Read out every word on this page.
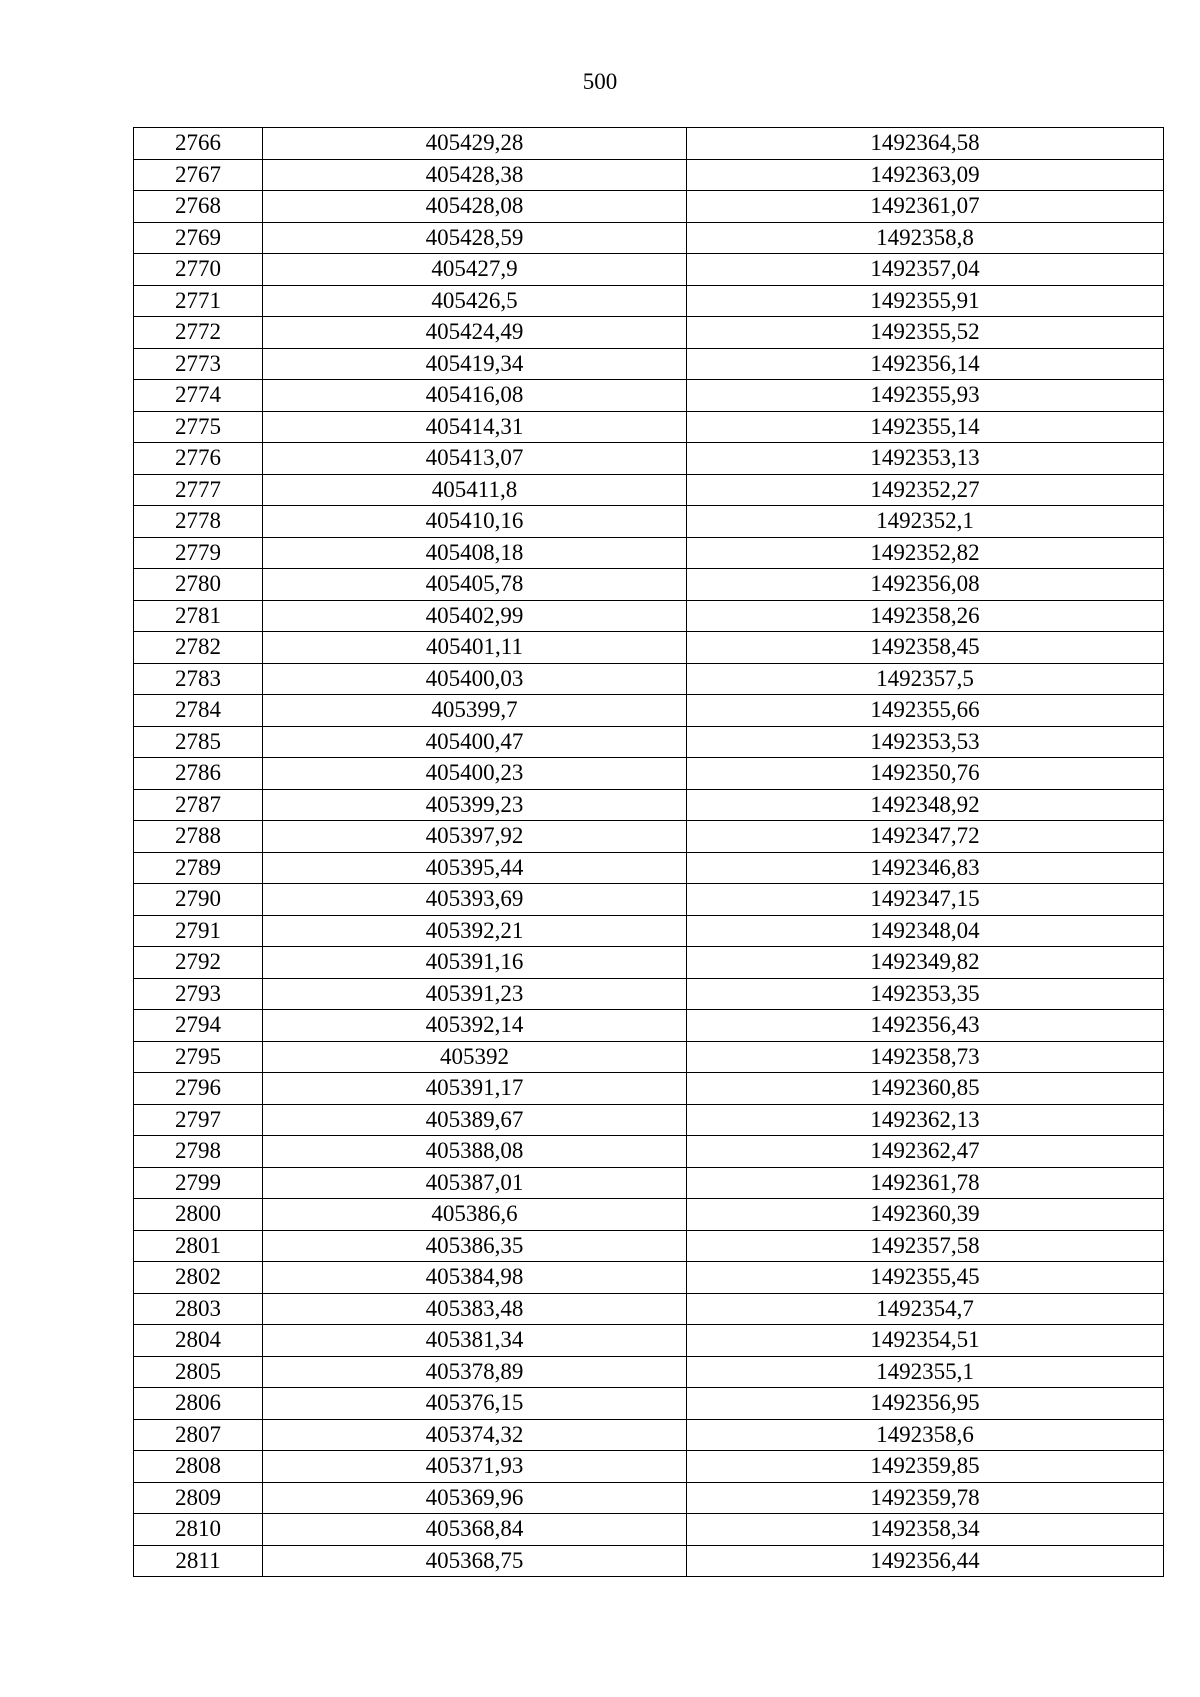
500
2766	405429,28	1492364,58
2767	405428,38	1492363,09
2768	405428,08	1492361,07
2769	405428,59	1492358,8
2770	405427,9	1492357,04
2771	405426,5	1492355,91
2772	405424,49	1492355,52
2773	405419,34	1492356,14
2774	405416,08	1492355,93
2775	405414,31	1492355,14
2776	405413,07	1492353,13
2777	405411,8	1492352,27
2778	405410,16	1492352,1
2779	405408,18	1492352,82
2780	405405,78	1492356,08
2781	405402,99	1492358,26
2782	405401,11	1492358,45
2783	405400,03	1492357,5
2784	405399,7	1492355,66
2785	405400,47	1492353,53
2786	405400,23	1492350,76
2787	405399,23	1492348,92
2788	405397,92	1492347,72
2789	405395,44	1492346,83
2790	405393,69	1492347,15
2791	405392,21	1492348,04
2792	405391,16	1492349,82
2793	405391,23	1492353,35
2794	405392,14	1492356,43
2795	405392	1492358,73
2796	405391,17	1492360,85
2797	405389,67	1492362,13
2798	405388,08	1492362,47
2799	405387,01	1492361,78
2800	405386,6	1492360,39
2801	405386,35	1492357,58
2802	405384,98	1492355,45
2803	405383,48	1492354,7
2804	405381,34	1492354,51
2805	405378,89	1492355,1
2806	405376,15	1492356,95
2807	405374,32	1492358,6
2808	405371,93	1492359,85
2809	405369,96	1492359,78
2810	405368,84	1492358,34
2811	405368,75	1492356,44
